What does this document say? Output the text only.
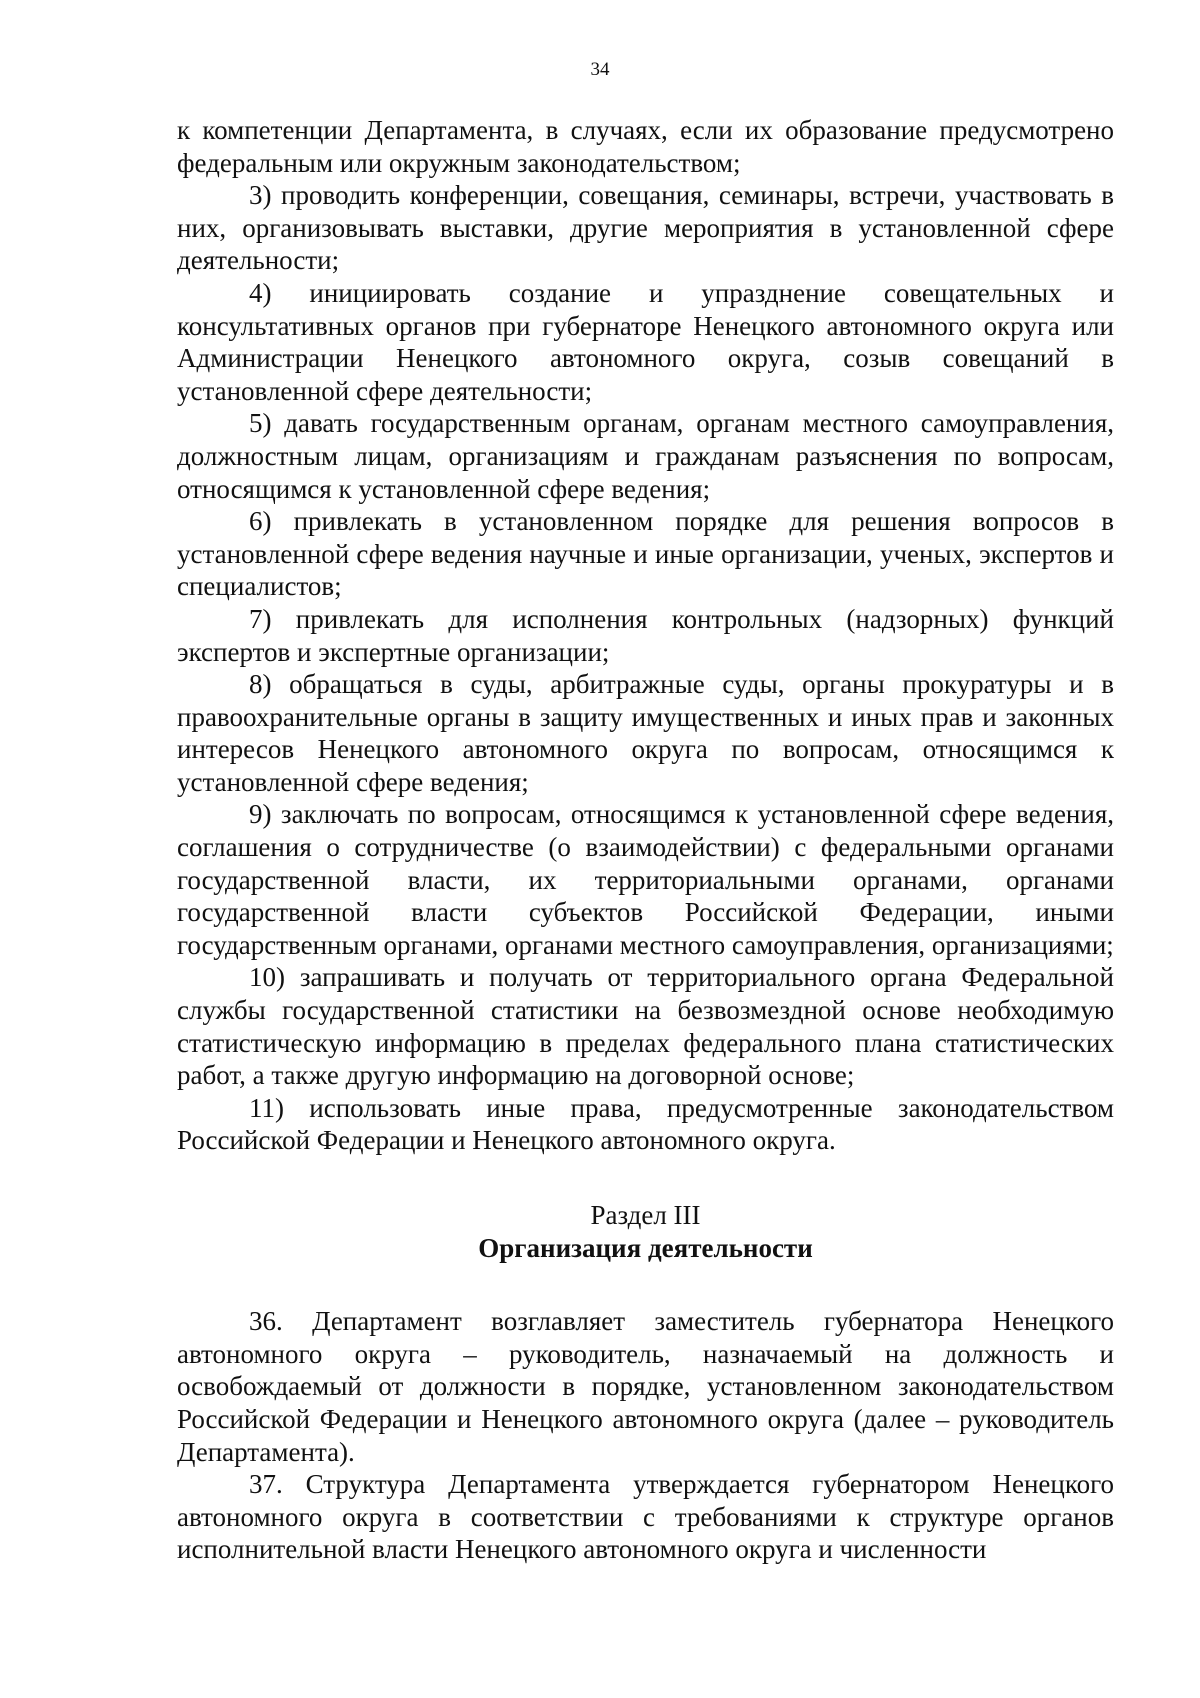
34

к компетенции Департамента, в случаях, если их образование предусмотрено федеральным или окружным законодательством;

3) проводить конференции, совещания, семинары, встречи, участвовать в них, организовывать выставки, другие мероприятия в установленной сфере деятельности;

4) инициировать создание и упразднение совещательных и консультативных органов при губернаторе Ненецкого автономного округа или Администрации Ненецкого автономного округа, созыв совещаний в установленной сфере деятельности;

5) давать государственным органам, органам местного самоуправления, должностным лицам, организациям и гражданам разъяснения по вопросам, относящимся к установленной сфере ведения;

6) привлекать в установленном порядке для решения вопросов в установленной сфере ведения научные и иные организации, ученых, экспертов и специалистов;

7) привлекать для исполнения контрольных (надзорных) функций экспертов и экспертные организации;

8) обращаться в суды, арбитражные суды, органы прокуратуры и в правоохранительные органы в защиту имущественных и иных прав и законных интересов Ненецкого автономного округа по вопросам, относящимся к установленной сфере ведения;

9) заключать по вопросам, относящимся к установленной сфере ведения, соглашения о сотрудничестве (о взаимодействии) с федеральными органами государственной власти, их территориальными органами, органами государственной власти субъектов Российской Федерации, иными государственным органами, органами местного самоуправления, организациями;

10) запрашивать и получать от территориального органа Федеральной службы государственной статистики на безвозмездной основе необходимую статистическую информацию в пределах федерального плана статистических работ, а также другую информацию на договорной основе;

11) использовать иные права, предусмотренные законодательством Российской Федерации и Ненецкого автономного округа.

Раздел III

Организация деятельности

36. Департамент возглавляет заместитель губернатора Ненецкого автономного округа – руководитель, назначаемый на должность и освобождаемый от должности в порядке, установленном законодательством Российской Федерации и Ненецкого автономного округа (далее – руководитель Департамента).

37. Структура Департамента утверждается губернатором Ненецкого автономного округа в соответствии с требованиями к структуре органов исполнительной власти Ненецкого автономного округа и численности
